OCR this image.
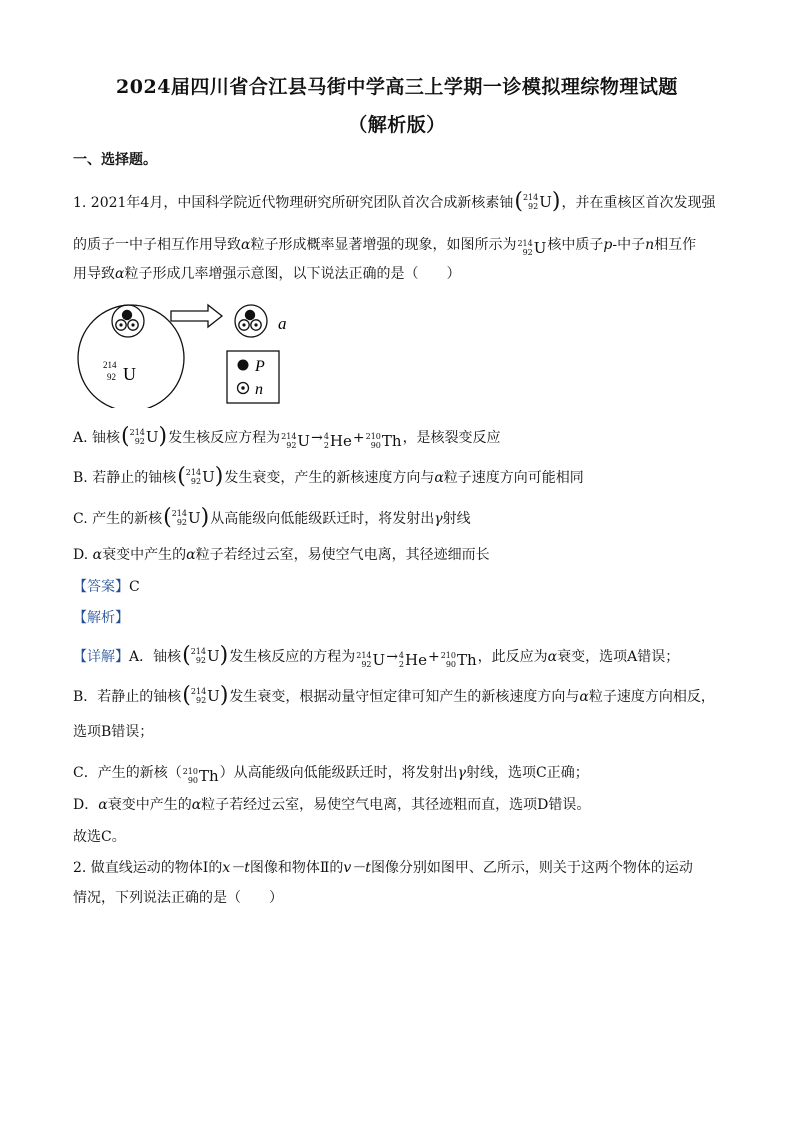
2024届四川省合江县马街中学高三上学期一诊模拟理综物理试题
（解析版）
一、选择题。
1. 2021年4月，中国科学院近代物理研究所研究团队首次合成新核素铀 ( 214
92 U ) ，并在重核区首次发现强
的质子一中子相互作用导致α粒子形成概率显著增强的现象，如图所示为 214
92 U 核中质子p-中子n相互作
用导致α粒子形成几率增强示意图，以下说法正确的是（　　）
214
92 U
a
P
n
A. 铀核 ( 214
92 U ) 发生核反应方程为 214
92 U → 4
2 He + 210
90 Th ，是核裂变反应
B. 若静止的铀核 ( 214
92 U ) 发生衰变，产生的新核速度方向与α粒子速度方向可能相同
C. 产生的新核 ( 214
92 U ) 从高能级向低能级跃迁时，将发射出γ射线
D. α衰变中产生的α粒子若经过云室，易使空气电离，其径迹细而长
【答案】C
【解析】
【详解】A．铀核 ( 214
92 U ) 发生核反应的方程为 214
92 U → 4
2 He + 210
90 Th ，此反应为α衰变，选项A错误；
B．若静止的铀核 ( 214
92 U ) 发生衰变，根据动量守恒定律可知产生的新核速度方向与α粒子速度方向相反，
选项B错误；
C．产生的新核（ 210
90 Th ）从高能级向低能级跃迁时，将发射出γ射线，选项C正确；
D．α衰变中产生的α粒子若经过云室，易使空气电离，其径迹粗而直，选项D错误。
故选C。
2. 做直线运动的物体Ⅰ的x－t图像和物体Ⅱ的v－t图像分别如图甲、乙所示，则关于这两个物体的运动
情况，下列说法正确的是（　　）
